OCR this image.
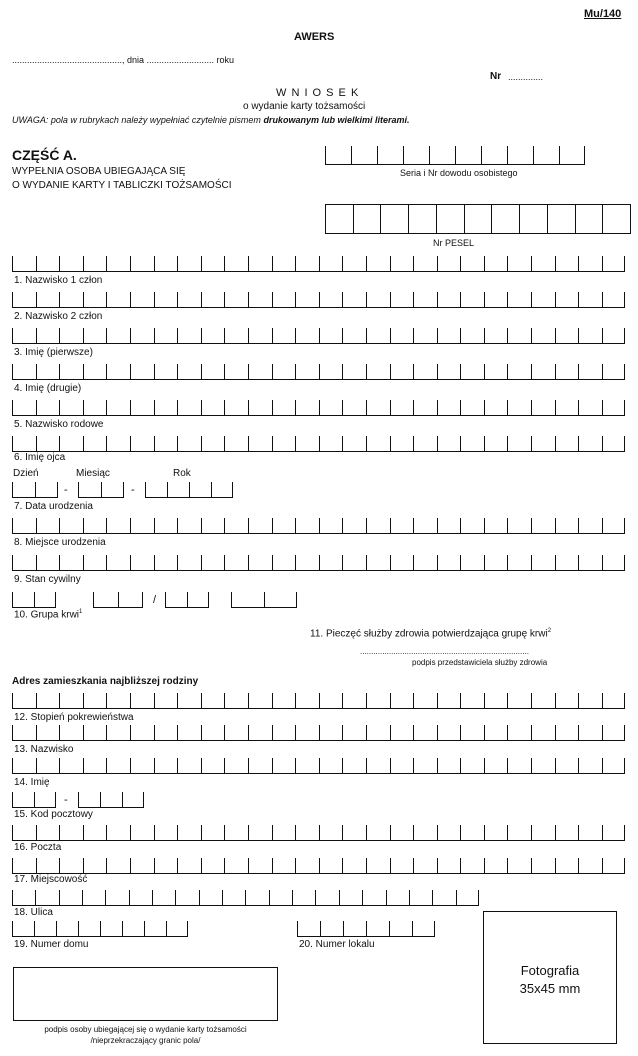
Mu/140
AWERS
............................................, dnia ........................... roku
Nr ..............
W N I O S E K
o wydanie karty tożsamości
UWAGA: pola w rubrykach należy wypełniać czytelnie pismem drukowanym lub wielkimi literami.
CZĘŚĆ A.
WYPEŁNIA OSOBA UBIEGAJĄCA SIĘ
O WYDANIE KARTY I TABLICZKI TOŻSAMOŚCI
Seria i Nr dowodu osobistego
Nr PESEL
1. Nazwisko 1 człon
2. Nazwisko 2 człon
3. Imię (pierwsze)
4. Imię (drugie)
5. Nazwisko rodowe
6. Imię ojca
Dzień	Miesiąc	Rok
-	-
7. Data urodzenia
8. Miejsce urodzenia
9. Stan cywilny
/
10. Grupa krwi$^1$
11. Pieczęć służby zdrowia potwierdzająca grupę krwi$^2$
............................................................................
podpis przedstawiciela służby zdrowia
Adres zamieszkania najbliższej rodziny
12. Stopień pokrewieństwa
13. Nazwisko
14. Imię
-
15. Kod pocztowy
16. Poczta
17. Miejscowość
18. Ulica
19. Numer domu	20. Numer lokalu
Fotografia
35x45 mm
podpis osoby ubiegającej się o wydanie karty tożsamości
/nieprzekraczający granic pola/
